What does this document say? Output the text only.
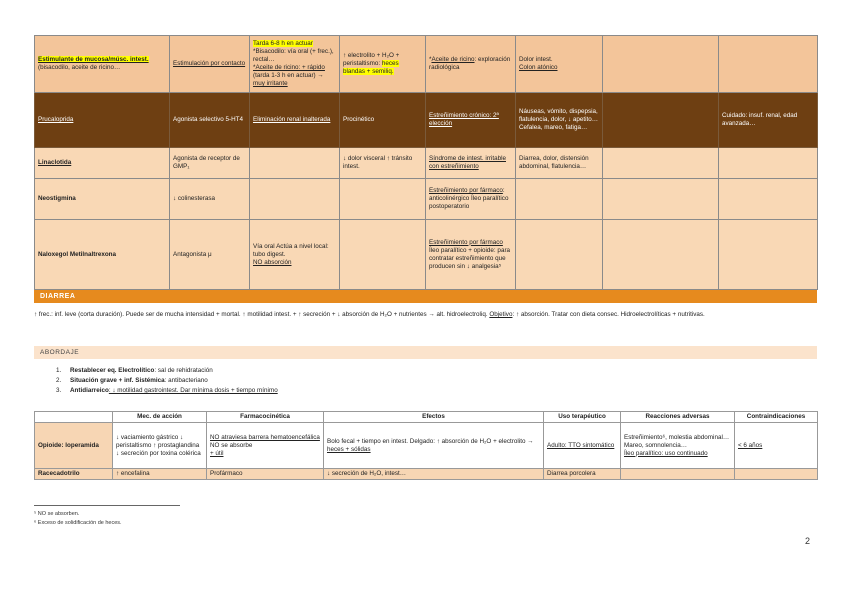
Estimulante de mucosa/músc. intest. (bisacodilo, aceite de ricino…	Estimulación por contacto	Tarda 6-8 h en actuar
*Bisacodilo: vía oral (+ frec.), rectal…
*Aceite de ricino: + rápido (tarda 1-3 h en actuar) → muy irritante	↑ electrolito + H₂O + peristaltismo: heces blandas + semiliq.	*Aceite de ricino: exploración radiológica	Dolor intest.
Colon atónico		
Prucaloprida	Agonista selectivo 5-HT4	Eliminación renal inalterada	Procinético	Estreñimiento crónico: 2ª elección	Náuseas, vómito, dispepsia, flatulencia, dolor, ↓ apetito… Cefalea, mareo, fatiga…		Cuidado: insuf. renal, edad avanzada…
Linaclotida	Agonista de receptor de GMP₁		↓ dolor visceral ↑ tránsito intest.	Síndrome de intest. irritable con estreñimiento	Diarrea, dolor, distensión abdominal, flatulencia…		
Neostigmina	↓ colinesterasa			Estreñimiento por fármaco: anticolinérgico Íleo paralítico postoperatorio			
Naloxegol Metilnaltrexona	Antagonista μ	Vía oral Actúa a nivel local: tubo digest.
NO absorción		Estreñimiento por fármaco
Íleo paralítico + opioide: para contratar estreñimiento que producen sin ↓ analgesia⁵			
DIARREA
↑ frec.: inf. leve (corta duración). Puede ser de mucha intensidad + mortal. ↑ motilidad intest. + ↑ secreción + ↓ absorción de H₂O + nutrientes → alt. hidroelectroliq. Objetivo: ↑ absorción. Tratar con dieta consec. Hidroelectrolíticas + nutritivas.
ABORDAJE
1. Restablecer eq. Electrolítico: sal de rehidratación
2. Situación grave + inf. Sistémica: antibacteriano
3. Antidiarreico: ↓ motilidad gastrointest. Dar mínima dosis + tiempo mínimo
	Mec. de acción	Farmacocinética	Efectos	Uso terapéutico	Reacciones adversas	Contraindicaciones
Opioide: loperamida	↓ vaciamiento gástrico ↓ peristaltismo ↑ prostaglandina ↓ secreción por toxina colérica	NO atraviesa barrera hematoencefálica
NO se absorbe
+ útil	Bolo fecal + tiempo en intest. Delgado: ↑ absorción de H₂O + electrolito → heces + sólidas	Adulto: TTO sintomático	Estreñimiento⁶, molestia abdominal…
Mareo, somnolencia…
Íleo paralítico: uso continuado	< 6 años
Racecadotrilo	↑ encefalina	Profármaco	↓ secreción de H₂O, intest…	Diarrea porcolera		
⁵ NO se absorben.
⁶ Exceso de solidificación de heces.
2
